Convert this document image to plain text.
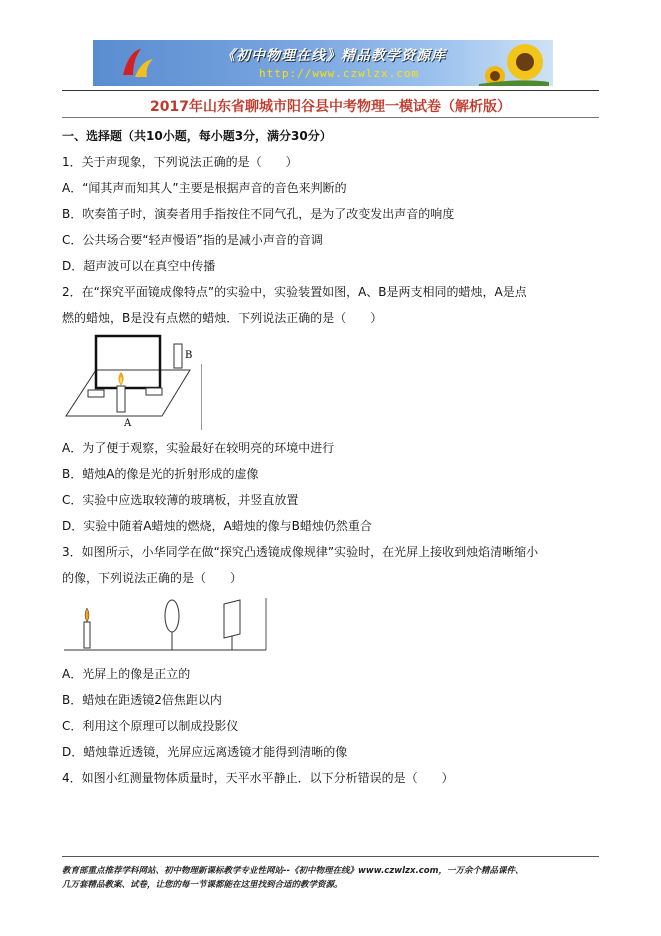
《初中物理在线》精品教学资源库
http://www.czwlzx.com
2017年山东省聊城市阳谷县中考物理一模试卷（解析版）
一、选择题（共10小题，每小题3分，满分30分）
1．关于声现象，下列说法正确的是（　　）
A．“闻其声而知其人”主要是根据声音的音色来判断的
B．吹奏笛子时，演奏者用手指按住不同气孔，是为了改变发出声音的响度
C．公共场合要“轻声慢语”指的是减小声音的音调
D．超声波可以在真空中传播
2．在“探究平面镜成像特点”的实验中，实验装置如图，A、B是两支相同的蜡烛，A是点
燃的蜡烛，B是没有点燃的蜡烛．下列说法正确的是（　　）
A
B
A．为了便于观察，实验最好在较明亮的环境中进行
B．蜡烛A的像是光的折射形成的虚像
C．实验中应选取较薄的玻璃板，并竖直放置
D．实验中随着A蜡烛的燃烧，A蜡烛的像与B蜡烛仍然重合
3．如图所示，小华同学在做“探究凸透镜成像规律”实验时，在光屏上接收到烛焰清晰缩小
的像，下列说法正确的是（　　）
A．光屏上的像是正立的
B．蜡烛在距透镜2倍焦距以内
C．利用这个原理可以制成投影仪
D．蜡烛靠近透镜，光屏应远离透镜才能得到清晰的像
4．如图小红测量物体质量时，天平水平静止．以下分析错误的是（　　）
教育部重点推荐学科网站、初中物理新课标教学专业性网站--《初中物理在线》www.czwlzx.com，一万余个精品课件、
几万套精品教案、试卷，让您的每一节课都能在这里找到合适的教学资源。
